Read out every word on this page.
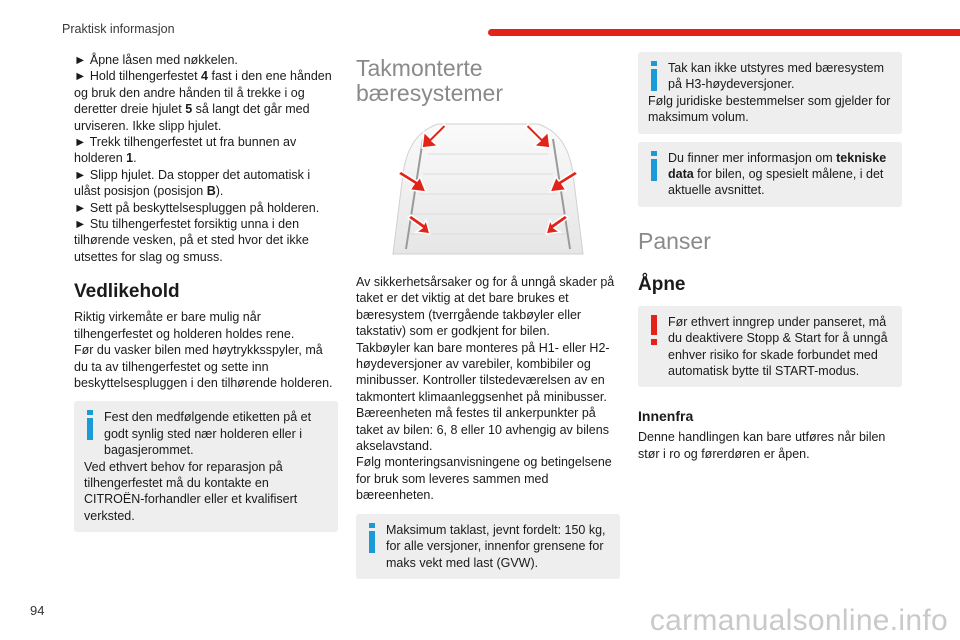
Praktisk informasjon

► Åpne låsen med nøkkelen.

► Hold tilhengerfestet 4 fast i den ene hånden og bruk den andre hånden til å trekke i og deretter dreie hjulet 5 så langt det går med urviseren. Ikke slipp hjulet.

► Trekk tilhengerfestet ut fra bunnen av holderen 1.

► Slipp hjulet. Da stopper det automatisk i ulåst posisjon (posisjon B).

► Sett på beskyttelsespluggen på holderen.

► Stu tilhengerfestet forsiktig unna i den tilhørende vesken, på et sted hvor det ikke utsettes for slag og smuss.

Vedlikehold

Riktig virkemåte er bare mulig når tilhengerfestet og holderen holdes rene.

Før du vasker bilen med høytrykksspyler, må du ta av tilhengerfestet og sette inn beskyttelsespluggen i den tilhørende holderen.

Fest den medfølgende etiketten på et godt synlig sted nær holderen eller i bagasjerommet.

Ved ethvert behov for reparasjon på tilhengerfestet må du kontakte en CITROËN-forhandler eller et kvalifisert verksted.

Takmonterte bæresystemer

Av sikkerhetsårsaker og for å unngå skader på taket er det viktig at det bare brukes et bæresystem (tverrgående takbøyler eller takstativ) som er godkjent for bilen.

Takbøyler kan bare monteres på H1- eller H2-høydeversjoner av varebiler, kombibiler og minibusser. Kontroller tilstedeværelsen av en takmontert klimaanleggsenhet på minibusser.

Bæreenheten må festes til ankerpunkter på taket av bilen: 6, 8 eller 10 avhengig av bilens akselavstand.

Følg monteringsanvisningene og betingelsene for bruk som leveres sammen med bæreenheten.

Maksimum taklast, jevnt fordelt: 150 kg, for alle versjoner, innenfor grensene for maks vekt med last (GVW).

Tak kan ikke utstyres med bæresystem på H3-høydeversjoner.

Følg juridiske bestemmelser som gjelder for maksimum volum.

Du finner mer informasjon om tekniske data for bilen, og spesielt målene, i det aktuelle avsnittet.

Panser
Åpne

Før ethvert inngrep under panseret, må du deaktivere Stopp & Start for å unngå enhver risiko for skade forbundet med automatisk bytte til START-modus.

Innenfra

Denne handlingen kan bare utføres når bilen stør i ro og førerdøren er åpen.

94	carmanualsonline.info
